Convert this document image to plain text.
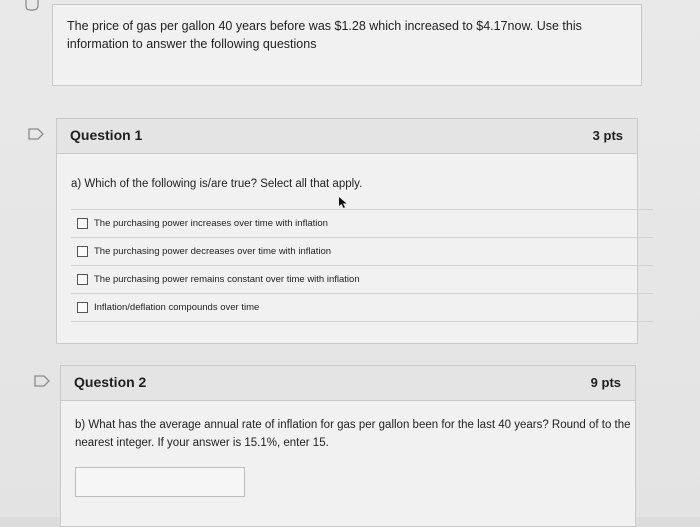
The price of gas per gallon 40 years before was $1.28 which increased to $4.17now. Use this information to answer the following questions
Question 1	3 pts
a) Which of the following is/are true? Select all that apply.
The purchasing power increases over time with inflation
The purchasing power decreases over time with inflation
The purchasing power remains constant over time with inflation
Inflation/deflation compounds over time
Question 2	9 pts
b) What has the average annual rate of inflation for gas per gallon been for the last 40 years? Round of to the nearest integer. If your answer is 15.1%, enter 15.
